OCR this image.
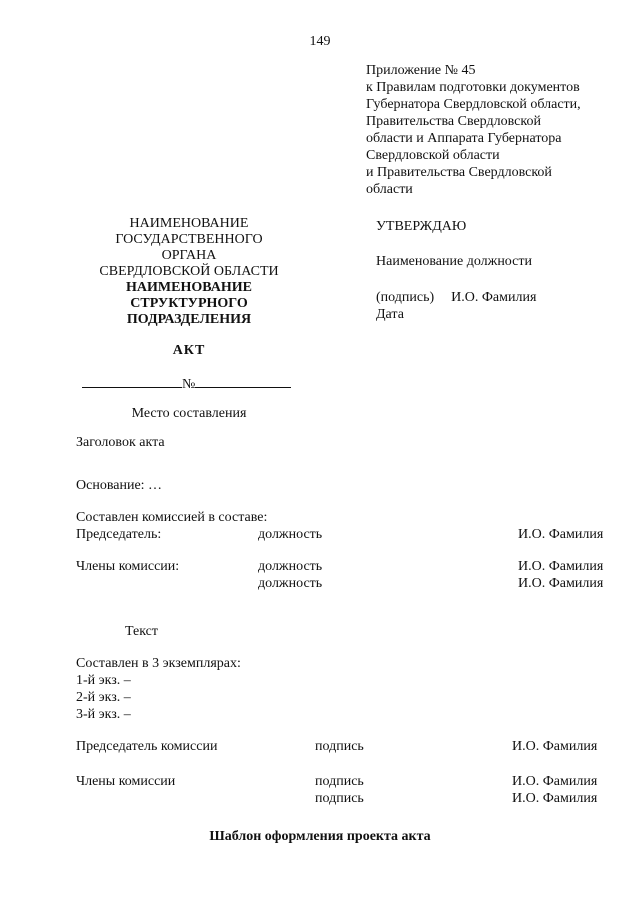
149
Приложение № 45
к Правилам подготовки документов
Губернатора Свердловской области,
Правительства Свердловской
области и Аппарата Губернатора
Свердловской области
и Правительства Свердловской
области
НАИМЕНОВАНИЕ
ГОСУДАРСТВЕННОГО
ОРГАНА
СВЕРДЛОВСКОЙ ОБЛАСТИ
НАИМЕНОВАНИЕ
СТРУКТУРНОГО
ПОДРАЗДЕЛЕНИЯ
УТВЕРЖДАЮ
Наименование должности
(подпись) И.О. Фамилия
Дата
АКТ
№
Место составления
Заголовок акта
Основание: …
Составлен комиссией в составе:
Председатель:	должность	И.О. Фамилия
Члены комиссии:	должность	И.О. Фамилия
должность	И.О. Фамилия
Текст
Составлен в 3 экземплярах:
1-й экз. –
2-й экз. –
3-й экз. –
Председатель комиссии	подпись	И.О. Фамилия
Члены комиссии	подпись	И.О. Фамилия
подпись	И.О. Фамилия
Шаблон оформления проекта акта
